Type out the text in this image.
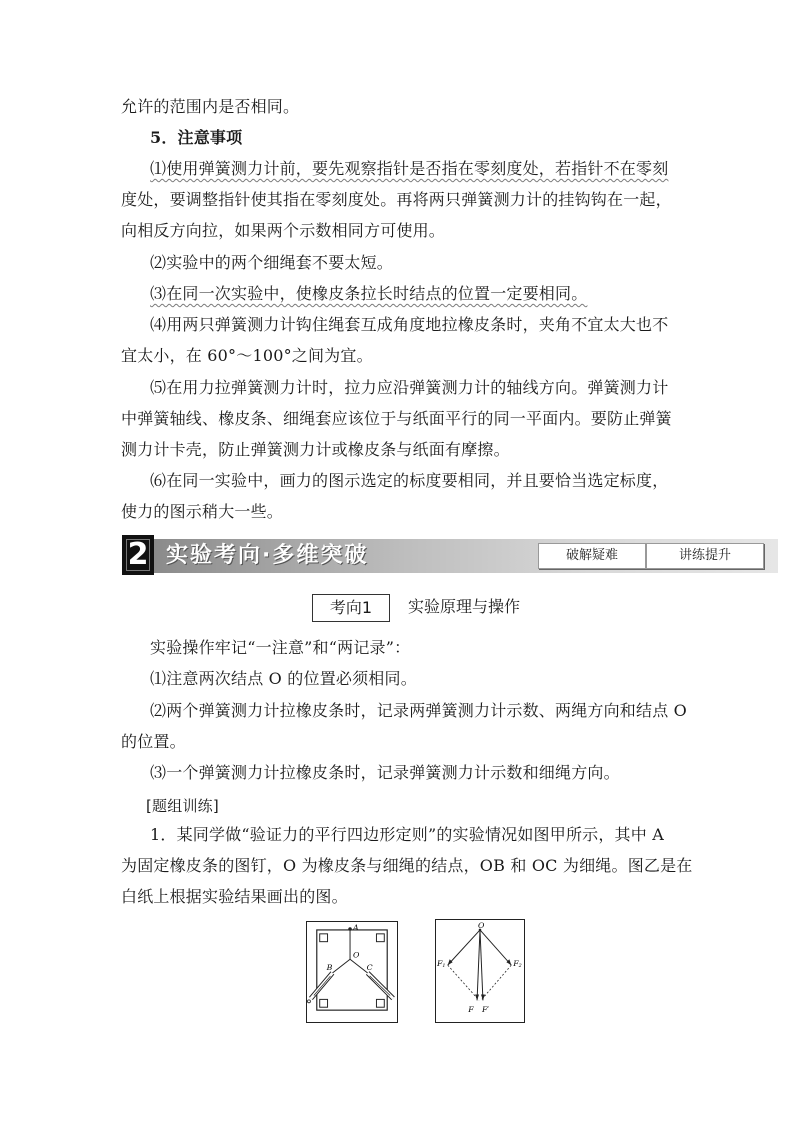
允许的范围内是否相同。
5．注意事项
⑴使用弹簧测力计前，要先观察指针是否指在零刻度处，若指针不在零刻
度处，要调整指针使其指在零刻度处。再将两只弹簧测力计的挂钩钩在一起，
向相反方向拉，如果两个示数相同方可使用。
⑵实验中的两个细绳套不要太短。
⑶在同一次实验中，使橡皮条拉长时结点的位置一定要相同。
⑷用两只弹簧测力计钩住绳套互成角度地拉橡皮条时，夹角不宜太大也不
宜太小，在 60°～100°之间为宜。
⑸在用力拉弹簧测力计时，拉力应沿弹簧测力计的轴线方向。弹簧测力计
中弹簧轴线、橡皮条、细绳套应该位于与纸面平行的同一平面内。要防止弹簧
测力计卡壳，防止弹簧测力计或橡皮条与纸面有摩擦。
⑹在同一实验中，画力的图示选定的标度要相同，并且要恰当选定标度，
使力的图示稍大一些。
2 实验考向·多维突破	破解疑难	讲练提升
考向1	实验原理与操作
实验操作牢记“一注意”和“两记录”：
⑴注意两次结点 O 的位置必须相同。
⑵两个弹簧测力计拉橡皮条时，记录两弹簧测力计示数、两绳方向和结点 O
的位置。
⑶一个弹簧测力计拉橡皮条时，记录弹簧测力计示数和细绳方向。
[题组训练]
1．某同学做“验证力的平行四边形定则”的实验情况如图甲所示，其中 A
为固定橡皮条的图钉，O 为橡皮条与细绳的结点，OB 和 OC 为细绳。图乙是在
白纸上根据实验结果画出的图。
A
O
B	C
O
F1	F2
F F′
